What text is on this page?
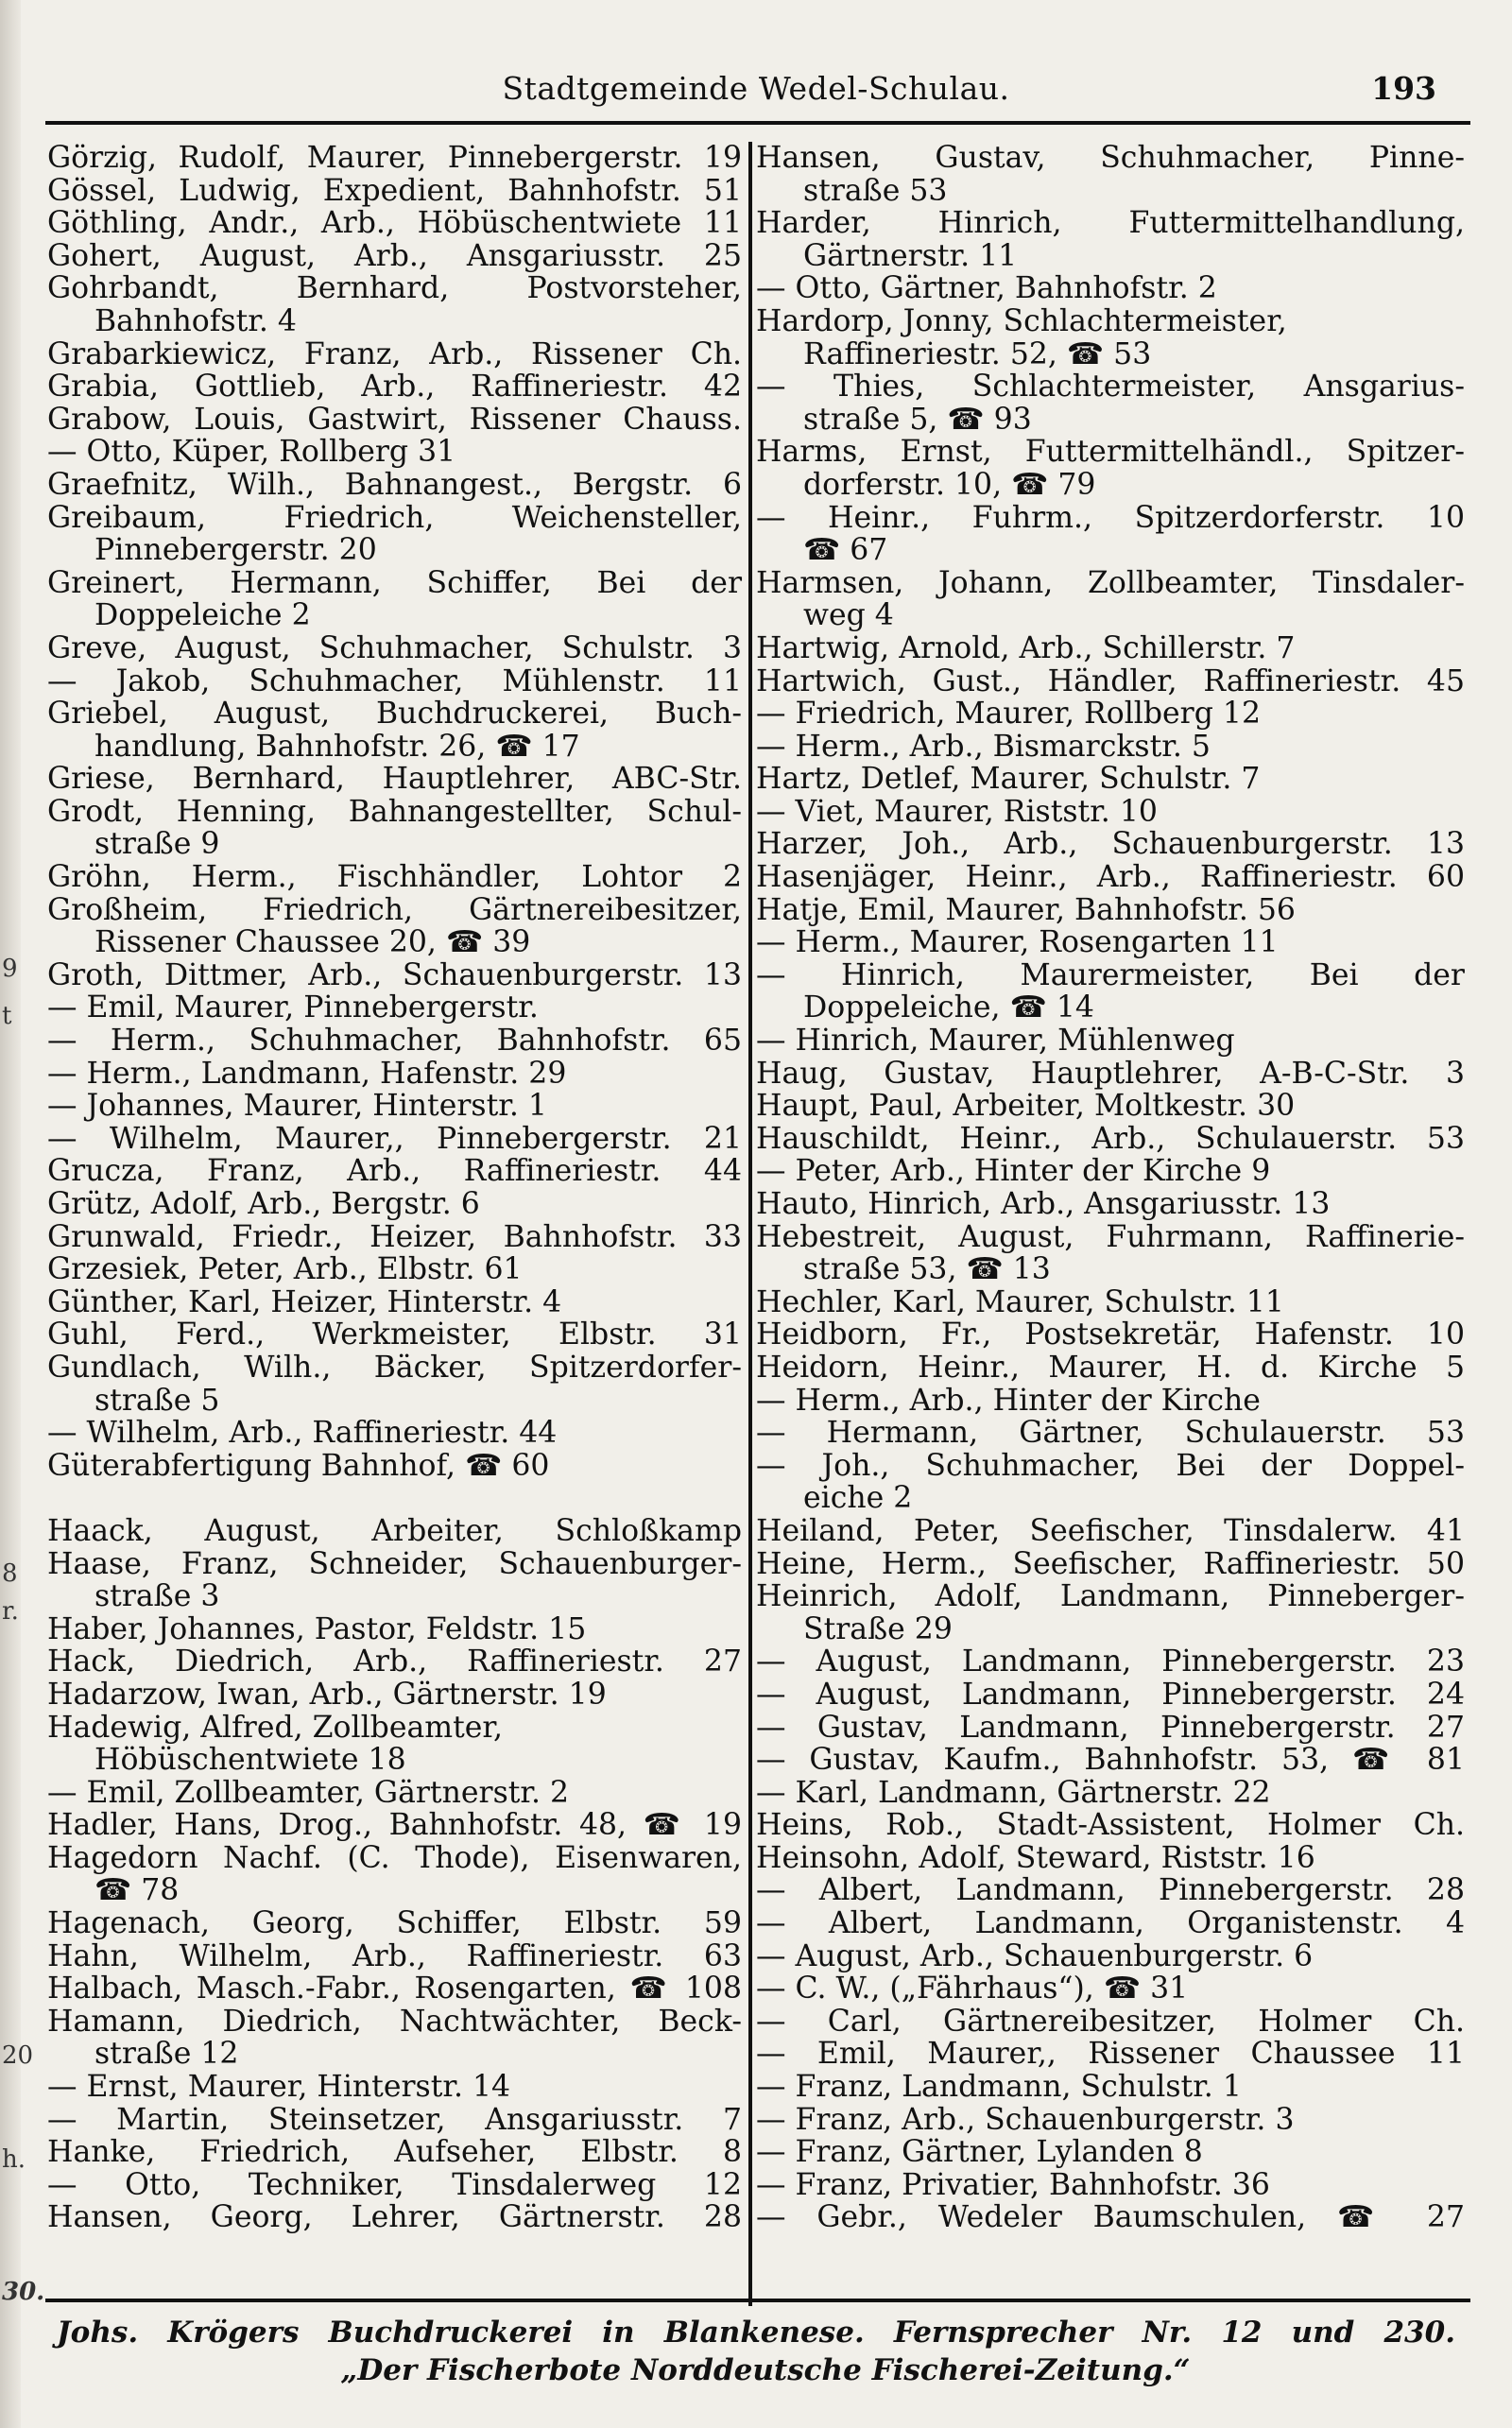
9
t
8
r.
20
h.
30.
Stadtgemeinde Wedel-Schulau.	193
Görzig, Rudolf, Maurer, Pinnebergerstr. 19
Gössel, Ludwig, Expedient, Bahnhofstr. 51
Göthling, Andr., Arb., Höbüschentwiete 11
Gohert, August, Arb., Ansgariusstr. 25
Gohrbandt, Bernhard, Postvorsteher,
Bahnhofstr. 4
Grabarkiewicz, Franz, Arb., Rissener Ch.
Grabia, Gottlieb, Arb., Raffineriestr. 42
Grabow, Louis, Gastwirt, Rissener Chauss.
— Otto, Küper, Rollberg 31
Graefnitz, Wilh., Bahnangest., Bergstr. 6
Greibaum, Friedrich, Weichensteller,
Pinnebergerstr. 20
Greinert, Hermann, Schiffer, Bei der
Doppeleiche 2
Greve, August, Schuhmacher, Schulstr. 3
— Jakob, Schuhmacher, Mühlenstr. 11
Griebel, August, Buchdruckerei, Buch-
handlung, Bahnhofstr. 26, ☎ 17
Griese, Bernhard, Hauptlehrer, ABC-Str.
Grodt, Henning, Bahnangestellter, Schul-
straße 9
Gröhn, Herm., Fischhändler, Lohtor 2
Großheim, Friedrich, Gärtnereibesitzer,
Rissener Chaussee 20, ☎ 39
Groth, Dittmer, Arb., Schauenburgerstr. 13
— Emil, Maurer, Pinnebergerstr.
— Herm., Schuhmacher, Bahnhofstr. 65
— Herm., Landmann, Hafenstr. 29
— Johannes, Maurer, Hinterstr. 1
— Wilhelm, Maurer,, Pinnebergerstr. 21
Grucza, Franz, Arb., Raffineriestr. 44
Grütz, Adolf, Arb., Bergstr. 6
Grunwald, Friedr., Heizer, Bahnhofstr. 33
Grzesiek, Peter, Arb., Elbstr. 61
Günther, Karl, Heizer, Hinterstr. 4
Guhl, Ferd., Werkmeister, Elbstr. 31
Gundlach, Wilh., Bäcker, Spitzerdorfer-
straße 5
— Wilhelm, Arb., Raffineriestr. 44
Güterabfertigung Bahnhof, ☎ 60
Haack, August, Arbeiter, Schloßkamp
Haase, Franz, Schneider, Schauenburger-
straße 3
Haber, Johannes, Pastor, Feldstr. 15
Hack, Diedrich, Arb., Raffineriestr. 27
Hadarzow, Iwan, Arb., Gärtnerstr. 19
Hadewig, Alfred, Zollbeamter,
Höbüschentwiete 18
— Emil, Zollbeamter, Gärtnerstr. 2
Hadler, Hans, Drog., Bahnhofstr. 48, ☎ 19
Hagedorn Nachf. (C. Thode), Eisenwaren,
☎ 78
Hagenach, Georg, Schiffer, Elbstr. 59
Hahn, Wilhelm, Arb., Raffineriestr. 63
Halbach, Masch.-Fabr., Rosengarten, ☎ 108
Hamann, Diedrich, Nachtwächter, Beck-
straße 12
— Ernst, Maurer, Hinterstr. 14
— Martin, Steinsetzer, Ansgariusstr. 7
Hanke, Friedrich, Aufseher, Elbstr. 8
— Otto, Techniker, Tinsdalerweg 12
Hansen, Georg, Lehrer, Gärtnerstr. 28
Hansen, Gustav, Schuhmacher, Pinne-
straße 53
Harder, Hinrich, Futtermittelhandlung,
Gärtnerstr. 11
— Otto, Gärtner, Bahnhofstr. 2
Hardorp, Jonny, Schlachtermeister,
Raffineriestr. 52, ☎ 53
— Thies, Schlachtermeister, Ansgarius-
straße 5, ☎ 93
Harms, Ernst, Futtermittelhändl., Spitzer-
dorferstr. 10, ☎ 79
— Heinr., Fuhrm., Spitzerdorferstr. 10
☎ 67
Harmsen, Johann, Zollbeamter, Tinsdaler-
weg 4
Hartwig, Arnold, Arb., Schillerstr. 7
Hartwich, Gust., Händler, Raffineriestr. 45
— Friedrich, Maurer, Rollberg 12
— Herm., Arb., Bismarckstr. 5
Hartz, Detlef, Maurer, Schulstr. 7
— Viet, Maurer, Riststr. 10
Harzer, Joh., Arb., Schauenburgerstr. 13
Hasenjäger, Heinr., Arb., Raffineriestr. 60
Hatje, Emil, Maurer, Bahnhofstr. 56
— Herm., Maurer, Rosengarten 11
— Hinrich, Maurermeister, Bei der
Doppeleiche, ☎ 14
— Hinrich, Maurer, Mühlenweg
Haug, Gustav, Hauptlehrer, A-B-C-Str. 3
Haupt, Paul, Arbeiter, Moltkestr. 30
Hauschildt, Heinr., Arb., Schulauerstr. 53
— Peter, Arb., Hinter der Kirche 9
Hauto, Hinrich, Arb., Ansgariusstr. 13
Hebestreit, August, Fuhrmann, Raffinerie-
straße 53, ☎ 13
Hechler, Karl, Maurer, Schulstr. 11
Heidborn, Fr., Postsekretär, Hafenstr. 10
Heidorn, Heinr., Maurer, H. d. Kirche 5
— Herm., Arb., Hinter der Kirche
— Hermann, Gärtner, Schulauerstr. 53
— Joh., Schuhmacher, Bei der Doppel-
eiche 2
Heiland, Peter, Seefischer, Tinsdalerw. 41
Heine, Herm., Seefischer, Raffineriestr. 50
Heinrich, Adolf, Landmann, Pinneberger-
Straße 29
— August, Landmann, Pinnebergerstr. 23
— August, Landmann, Pinnebergerstr. 24
— Gustav, Landmann, Pinnebergerstr. 27
— Gustav, Kaufm., Bahnhofstr. 53, ☎ 81
— Karl, Landmann, Gärtnerstr. 22
Heins, Rob., Stadt-Assistent, Holmer Ch.
Heinsohn, Adolf, Steward, Riststr. 16
— Albert, Landmann, Pinnebergerstr. 28
— Albert, Landmann, Organistenstr. 4
— August, Arb., Schauenburgerstr. 6
— C. W., („Fährhaus“), ☎ 31
— Carl, Gärtnereibesitzer, Holmer Ch.
— Emil, Maurer,, Rissener Chaussee 11
— Franz, Landmann, Schulstr. 1
— Franz, Arb., Schauenburgerstr. 3
— Franz, Gärtner, Lylanden 8
— Franz, Privatier, Bahnhofstr. 36
— Gebr., Wedeler Baumschulen, ☎ 27
Johs. Krögers Buchdruckerei in Blankenese. Fernsprecher Nr. 12 und 230.
„Der Fischerbote Norddeutsche Fischerei-Zeitung.“
